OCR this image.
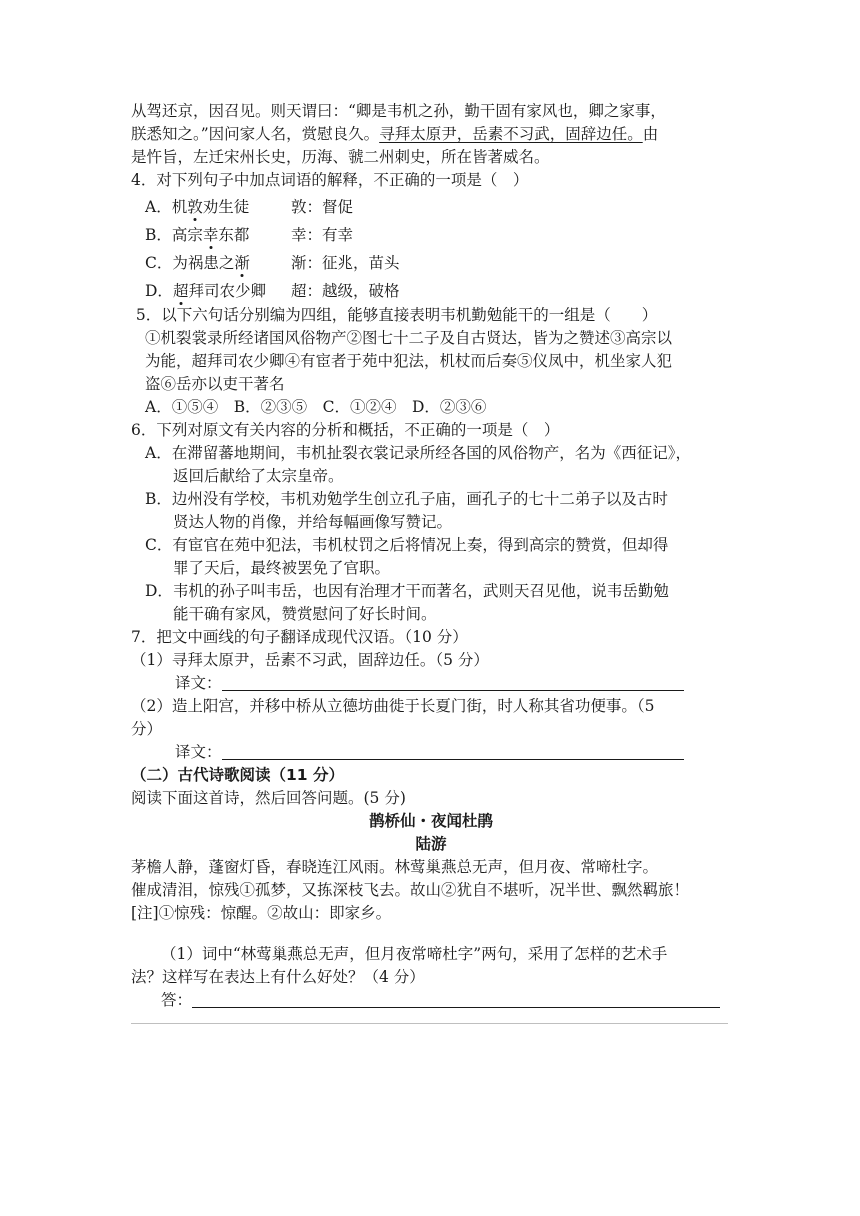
从驾还京，因召见。则天谓曰：“卿是韦机之孙，勤干固有家风也，卿之家事，

朕悉知之。”因问家人名，赏慰良久。寻拜太原尹，岳素不习武，固辞边任。由

是忤旨，左迁宋州长史，历海、虢二州刺史，所在皆著威名。

4．对下列句子中加点词语的解释，不正确的一项是（　）

A．机敦劝生徒	敦：督促
B．高宗幸东都	幸：有幸
C．为祸患之渐	渐：征兆，苗头
D．超拜司农少卿	超：越级，破格

5．以下六句话分别编为四组，能够直接表明韦机勤勉能干的一组是（　　）

①机裂裳录所经诸国风俗物产②图七十二子及自古贤达，皆为之赞述③高宗以

为能，超拜司农少卿④有宦者于苑中犯法，机杖而后奏⑤仪凤中，机坐家人犯

盗⑥岳亦以吏干著名

A．①⑤④　B．②③⑤　C．①②④　D．②③⑥

6．下列对原文有关内容的分析和概括，不正确的一项是（　）

A．在滞留蕃地期间，韦机扯裂衣裳记录所经各国的风俗物产，名为《西征记》，

返回后献给了太宗皇帝。

B．边州没有学校，韦机劝勉学生创立孔子庙，画孔子的七十二弟子以及古时

贤达人物的肖像，并给每幅画像写赞记。

C．有宦官在苑中犯法，韦机杖罚之后将情况上奏，得到高宗的赞赏，但却得

罪了天后，最终被罢免了官职。

D．韦机的孙子叫韦岳，也因有治理才干而著名，武则天召见他，说韦岳勤勉

能干确有家风，赞赏慰问了好长时间。

7．把文中画线的句子翻译成现代汉语。（10 分）

（1）寻拜太原尹，岳素不习武，固辞边任。（5 分）

译文：

（2）造上阳宫，并移中桥从立德坊曲徙于长夏门街，时人称其省功便事。（5

分）

译文：

（二）古代诗歌阅读（11 分）

阅读下面这首诗，然后回答问题。(5 分)

鹊桥仙・夜闻杜鹃

陆游

茅檐人静，蓬窗灯昏，春晓连江风雨。林莺巢燕总无声，但月夜、常啼杜字。

催成清泪，惊残①孤梦，又拣深枝飞去。故山②犹自不堪听，况半世、飘然羁旅！

[注]①惊残：惊醒。②故山：即家乡。

（1）词中“林莺巢燕总无声，但月夜常啼杜字”两句，采用了怎样的艺术手

法？这样写在表达上有什么好处？（4 分）

答：
